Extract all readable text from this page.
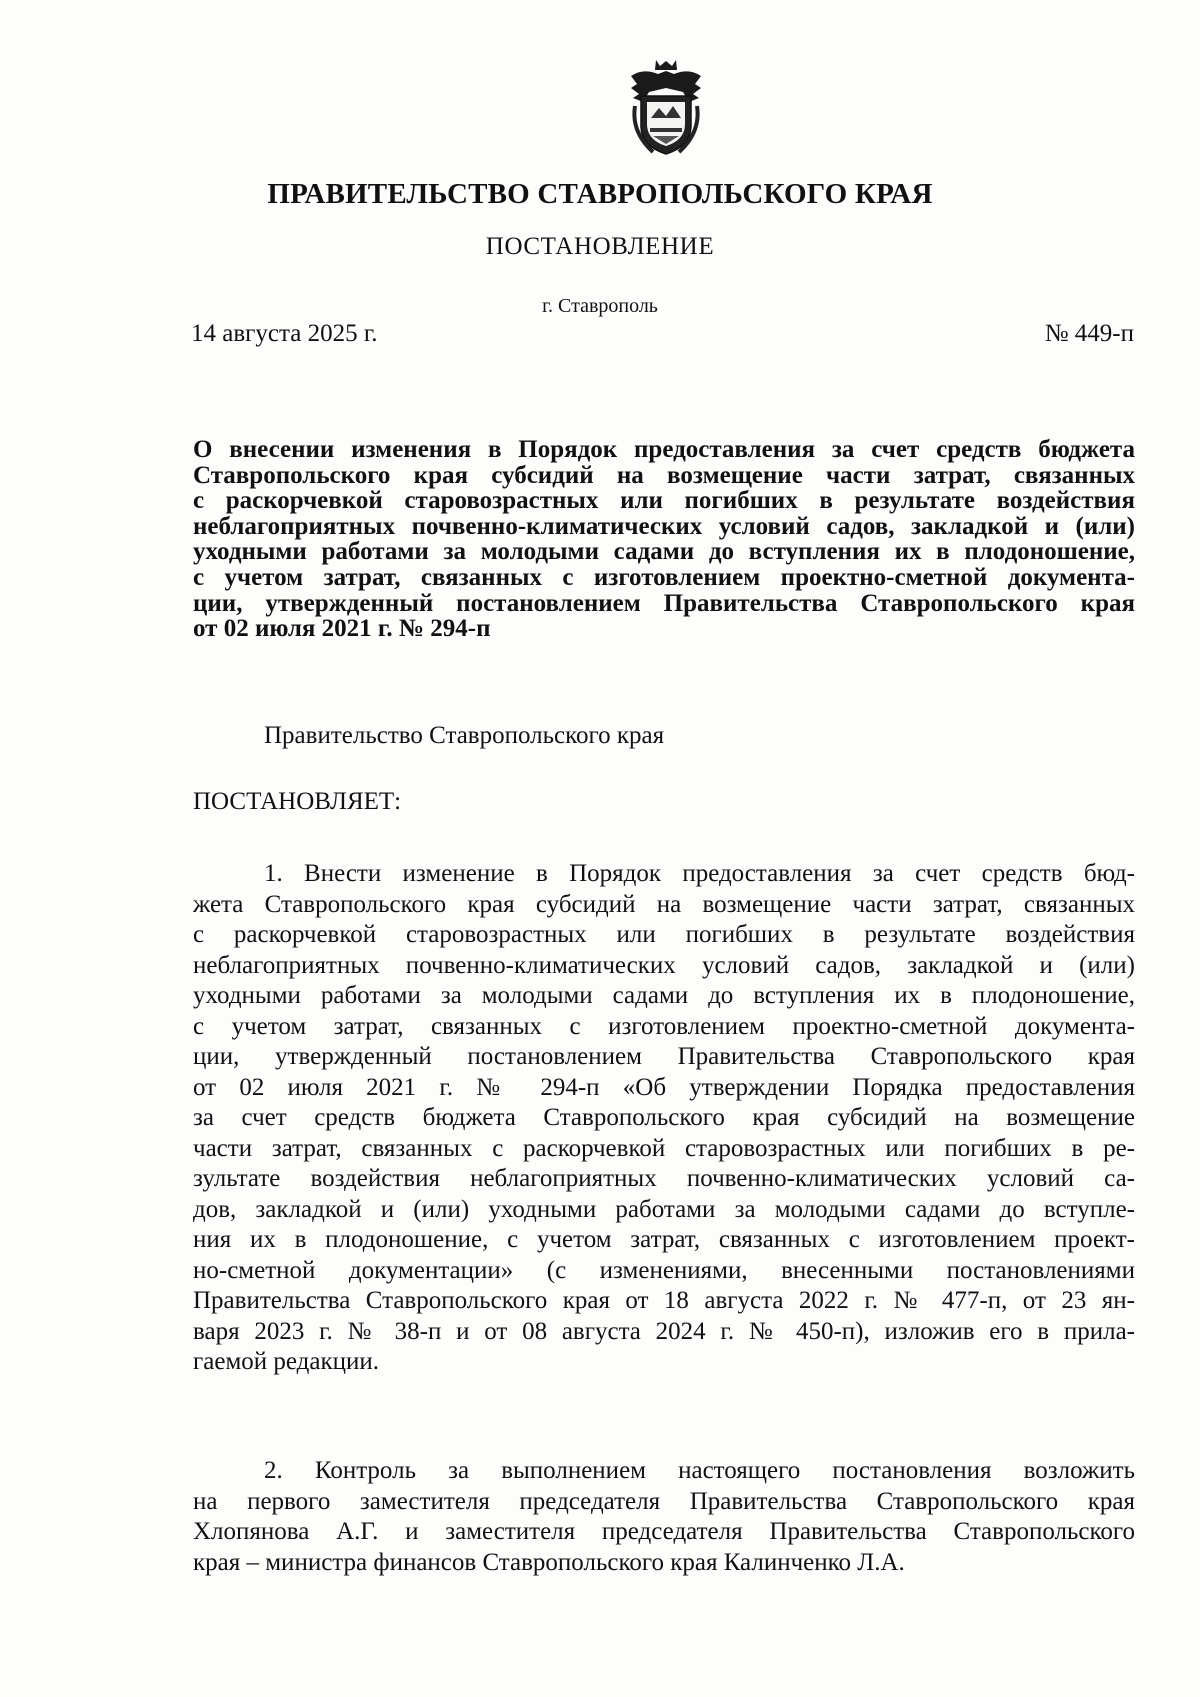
ПРАВИТЕЛЬСТВО СТАВРОПОЛЬСКОГО КРАЯ
ПОСТАНОВЛЕНИЕ
г. Ставрополь
14 августа 2025 г.	№ 449-п
О внесении изменения в Порядок предоставления за счет средств бюджета
Ставропольского края субсидий на возмещение части затрат, связанных
с раскорчевкой старовозрастных или погибших в результате воздействия
неблагоприятных почвенно-климатических условий садов, закладкой и (или)
уходными работами за молодыми садами до вступления их в плодоношение,
с учетом затрат, связанных с изготовлением проектно-сметной документа-
ции, утвержденный постановлением Правительства Ставропольского края
от 02 июля 2021 г. № 294-п
Правительство Ставропольского края
ПОСТАНОВЛЯЕТ:
1. Внести изменение в Порядок предоставления за счет средств бюд-
жета Ставропольского края субсидий на возмещение части затрат, связанных
с раскорчевкой старовозрастных или погибших в результате воздействия
неблагоприятных почвенно-климатических условий садов, закладкой и (или)
уходными работами за молодыми садами до вступления их в плодоношение,
с учетом затрат, связанных с изготовлением проектно-сметной документа-
ции, утвержденный постановлением Правительства Ставропольского края
от 02 июля 2021 г. № 294-п «Об утверждении Порядка предоставления
за счет средств бюджета Ставропольского края субсидий на возмещение
части затрат, связанных с раскорчевкой старовозрастных или погибших в ре-
зультате воздействия неблагоприятных почвенно-климатических условий са-
дов, закладкой и (или) уходными работами за молодыми садами до вступле-
ния их в плодоношение, с учетом затрат, связанных с изготовлением проект-
но-сметной документации» (с изменениями, внесенными постановлениями
Правительства Ставропольского края от 18 августа 2022 г. № 477-п, от 23 ян-
варя 2023 г. № 38-п и от 08 августа 2024 г. № 450-п), изложив его в прила-
гаемой редакции.
2. Контроль за выполнением настоящего постановления возложить
на первого заместителя председателя Правительства Ставропольского края
Хлопянова А.Г. и заместителя председателя Правительства Ставропольского
края – министра финансов Ставропольского края Калинченко Л.А.
